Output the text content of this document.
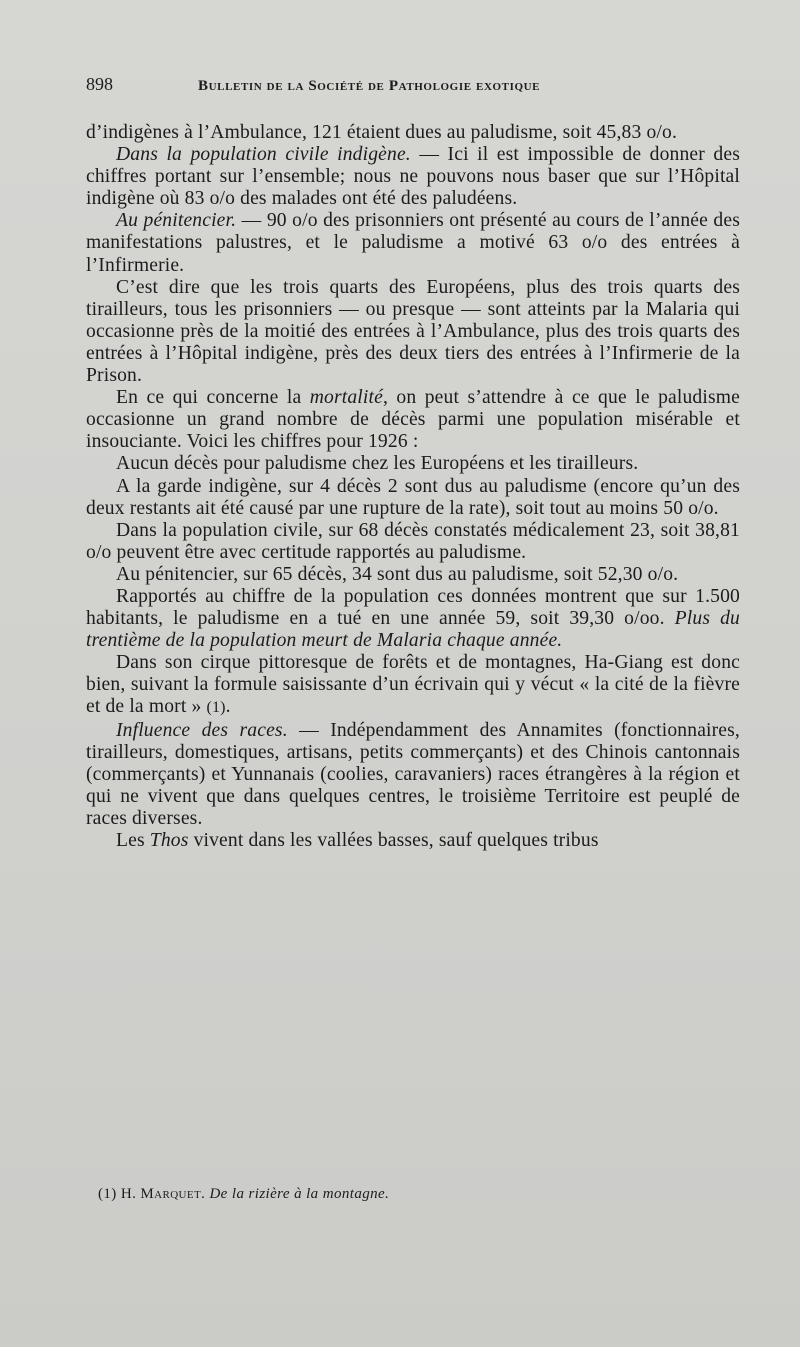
898	Bulletin de la Société de Pathologie exotique

d’indigènes à l’Ambulance, 121 étaient dues au paludisme, soit 45,83 o/o.

Dans la population civile indigène. — Ici il est impossible de donner des chiffres portant sur l’ensemble; nous ne pouvons nous baser que sur l’Hôpital indigène où 83 o/o des malades ont été des paludéens.

Au pénitencier. — 90 o/o des prisonniers ont présenté au cours de l’année des manifestations palustres, et le paludisme a motivé 63 o/o des entrées à l’Infirmerie.

C’est dire que les trois quarts des Européens, plus des trois quarts des tirailleurs, tous les prisonniers — ou presque — sont atteints par la Malaria qui occasionne près de la moitié des entrées à l’Ambulance, plus des trois quarts des entrées à l’Hôpital indigène, près des deux tiers des entrées à l’Infirmerie de la Prison.

En ce qui concerne la mortalité, on peut s’attendre à ce que le paludisme occasionne un grand nombre de décès parmi une population misérable et insouciante. Voici les chiffres pour 1926 :

Aucun décès pour paludisme chez les Européens et les tirailleurs.

A la garde indigène, sur 4 décès 2 sont dus au paludisme (encore qu’un des deux restants ait été causé par une rupture de la rate), soit tout au moins 50 o/o.

Dans la population civile, sur 68 décès constatés médicalement 23, soit 38,81 o/o peuvent être avec certitude rapportés au paludisme.

Au pénitencier, sur 65 décès, 34 sont dus au paludisme, soit 52,30 o/o.

Rapportés au chiffre de la population ces données montrent que sur 1.500 habitants, le paludisme en a tué en une année 59, soit 39,30 o/oo. Plus du trentième de la population meurt de Malaria chaque année.

Dans son cirque pittoresque de forêts et de montagnes, Ha-Giang est donc bien, suivant la formule saisissante d’un écrivain qui y vécut « la cité de la fièvre et de la mort » (1).

Influence des races. — Indépendamment des Annamites (fonctionnaires, tirailleurs, domestiques, artisans, petits commerçants) et des Chinois cantonnais (commerçants) et Yunnanais (coolies, caravaniers) races étrangères à la région et qui ne vivent que dans quelques centres, le troisième Territoire est peuplé de races diverses.

Les Thos vivent dans les vallées basses, sauf quelques tribus

(1) H. Marquet. De la rizière à la montagne.
